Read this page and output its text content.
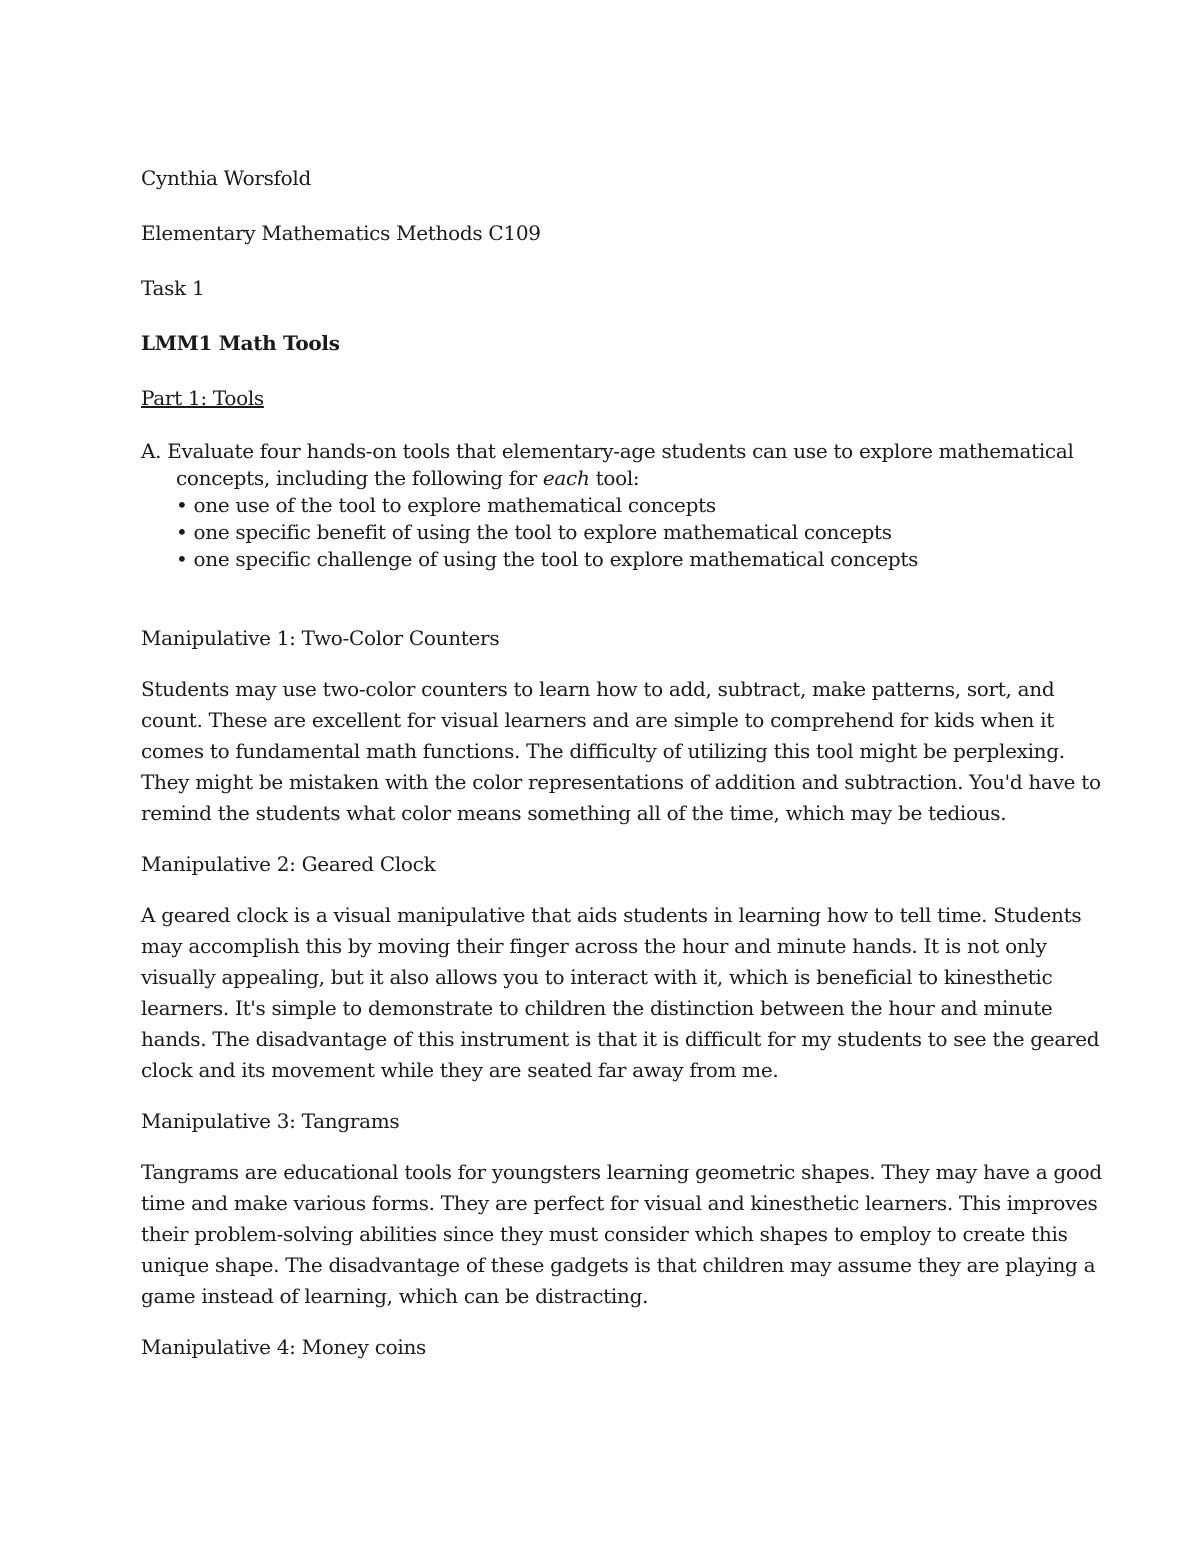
Cynthia Worsfold

Elementary Mathematics Methods C109

Task 1

LMM1 Math Tools

Part 1: Tools

A. Evaluate four hands-on tools that elementary-age students can use to explore mathematical

concepts, including the following for each tool:

• one use of the tool to explore mathematical concepts
• one specific benefit of using the tool to explore mathematical concepts
• one specific challenge of using the tool to explore mathematical concepts

Manipulative 1: Two-Color Counters

Students may use two-color counters to learn how to add, subtract, make patterns, sort, and
count. These are excellent for visual learners and are simple to comprehend for kids when it
comes to fundamental math functions. The difficulty of utilizing this tool might be perplexing.
They might be mistaken with the color representations of addition and subtraction. You'd have to
remind the students what color means something all of the time, which may be tedious.

Manipulative 2: Geared Clock

A geared clock is a visual manipulative that aids students in learning how to tell time. Students
may accomplish this by moving their finger across the hour and minute hands. It is not only
visually appealing, but it also allows you to interact with it, which is beneficial to kinesthetic
learners. It's simple to demonstrate to children the distinction between the hour and minute
hands. The disadvantage of this instrument is that it is difficult for my students to see the geared
clock and its movement while they are seated far away from me.

Manipulative 3: Tangrams

Tangrams are educational tools for youngsters learning geometric shapes. They may have a good
time and make various forms. They are perfect for visual and kinesthetic learners. This improves
their problem-solving abilities since they must consider which shapes to employ to create this
unique shape. The disadvantage of these gadgets is that children may assume they are playing a
game instead of learning, which can be distracting.

Manipulative 4: Money coins
